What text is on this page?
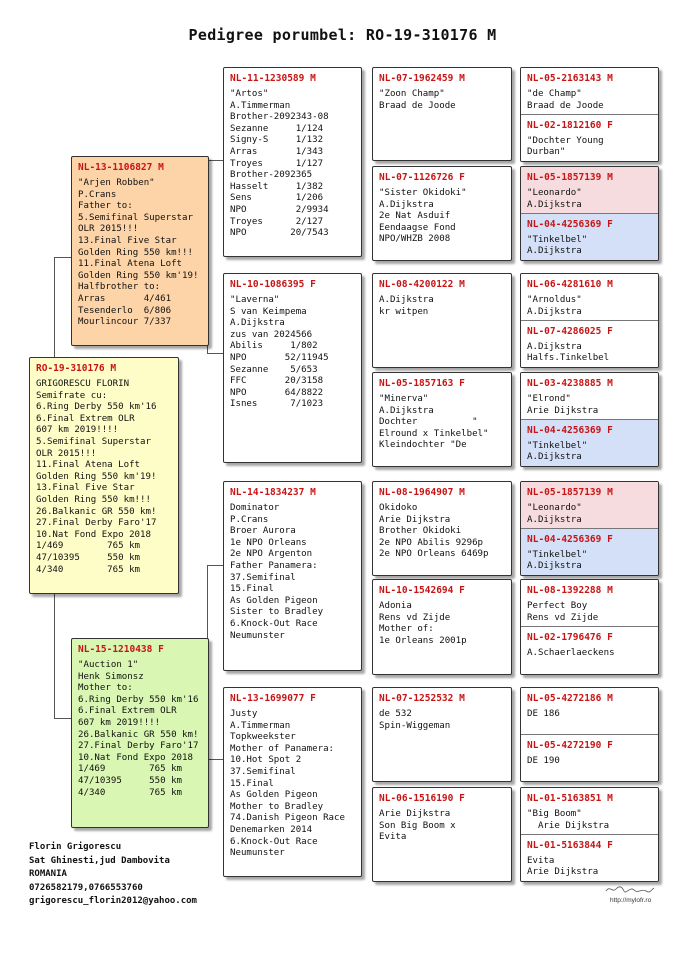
Pedigree porumbel: RO-19-310176 M
RO-19-310176 M
GRIGORESCU FLORIN
Semifrate cu:
6.Ring Derby 550 km'16
6.Final Extrem OLR
607 km 2019!!!!
5.Semifinal Superstar
OLR 2015!!!
11.Final Atena Loft
Golden Ring 550 km'19!
13.Final Five Star
Golden Ring 550 km!!!
26.Balkanic GR 550 km!
27.Final Derby Faro'17
10.Nat Fond Expo 2018
1/469        765 km
47/10395     550 km
4/340        765 km
NL-13-1106827 M
"Arjen Robben"
P.Crans
Father to:
5.Semifinal Superstar
OLR 2015!!!
13.Final Five Star
Golden Ring 550 km!!!
11.Final Atena Loft
Golden Ring 550 km'19!
Halfbrother to:
Arras       4/461
Tesenderlo  6/806
Mourlincour 7/337
NL-15-1210438 F
"Auction 1"
Henk Simonsz
Mother to:
6.Ring Derby 550 km'16
6.Final Extrem OLR
607 km 2019!!!!
26.Balkanic GR 550 km!
27.Final Derby Faro'17
10.Nat Fond Expo 2018
1/469        765 km
47/10395     550 km
4/340        765 km
NL-11-1230589 M
"Artos"
A.Timmerman
Brother-2092343-08
Sezanne     1/124
Signy-S     1/132
Arras       1/343
Troyes      1/127
Brother-2092365
Hasselt     1/382
Sens        1/206
NPO         2/9934
Troyes      2/127
NPO        20/7543
NL-10-1086395 F
"Laverna"
S van Keimpema
A.Dijkstra
zus van 2024566
Abilis     1/802
NPO       52/11945
Sezanne    5/653
FFC       20/3158
NPO       64/8822
Isnes      7/1023
NL-14-1834237 M
Dominator
P.Crans
Broer Aurora
1e NPO Orleans
2e NPO Argenton
Father Panamera:
37.Semifinal
15.Final
As Golden Pigeon
Sister to Bradley
6.Knock-Out Race
Neumunster
NL-13-1699077 F
Justy
A.Timmerman
Topkweekster
Mother of Panamera:
10.Hot Spot 2
37.Semifinal
15.Final
As Golden Pigeon
Mother to Bradley
74.Danish Pigeon Race
Denemarken 2014
6.Knock-Out Race
Neumunster
NL-07-1962459 M
"Zoon Champ"
Braad de Joode
NL-07-1126726 F
"Sister Okidoki"
A.Dijkstra
2e Nat Asduif
Eendaagse Fond
NPO/WHZB 2008
NL-08-4200122 M
A.Dijkstra
kr witpen
NL-05-1857163 F
"Minerva"
A.Dijkstra
Dochter          "
Elround x Tinkelbel"
Kleindochter "De
NL-08-1964907 M
Okidoko
Arie Dijkstra
Brother Okidoki
2e NPO Abilis 9296p
2e NPO Orleans 6469p
NL-10-1542694 F
Adonia
Rens vd Zijde
Mother of:
1e Orleans 2001p
NL-07-1252532 M
de 532
Spin-Wiggeman
NL-06-1516190 F
Arie Dijkstra
Son Big Boom x
Evita
NL-05-2163143 M
"de Champ"
Braad de Joode
NL-02-1812160 F
"Dochter Young
Durban"
NL-05-1857139 M
"Leonardo"
A.Dijkstra
NL-04-4256369 F
"Tinkelbel"
A.Dijkstra
NL-06-4281610 M
"Arnoldus"
A.Dijkstra
NL-07-4286025 F
A.Dijkstra
Halfs.Tinkelbel
NL-03-4238885 M
"Elrond"
Arie Dijkstra
NL-04-4256369 F
"Tinkelbel"
A.Dijkstra
NL-05-1857139 M
"Leonardo"
A.Dijkstra
NL-04-4256369 F
"Tinkelbel"
A.Dijkstra
NL-08-1392288 M
Perfect Boy
Rens vd Zijde
NL-02-1796476 F
A.Schaerlaeckens
NL-05-4272186 M
DE 186
NL-05-4272190 F
DE 190
NL-01-5163851 M
"Big Boom"
Arie Dijkstra
NL-01-5163844 F
Evita
Arie Dijkstra
Florin Grigorescu
Sat Ghinesti,jud Dambovita
ROMANIA
0726582179,0766553760
grigorescu_florin2012@yahoo.com	http://mylofr.ro
